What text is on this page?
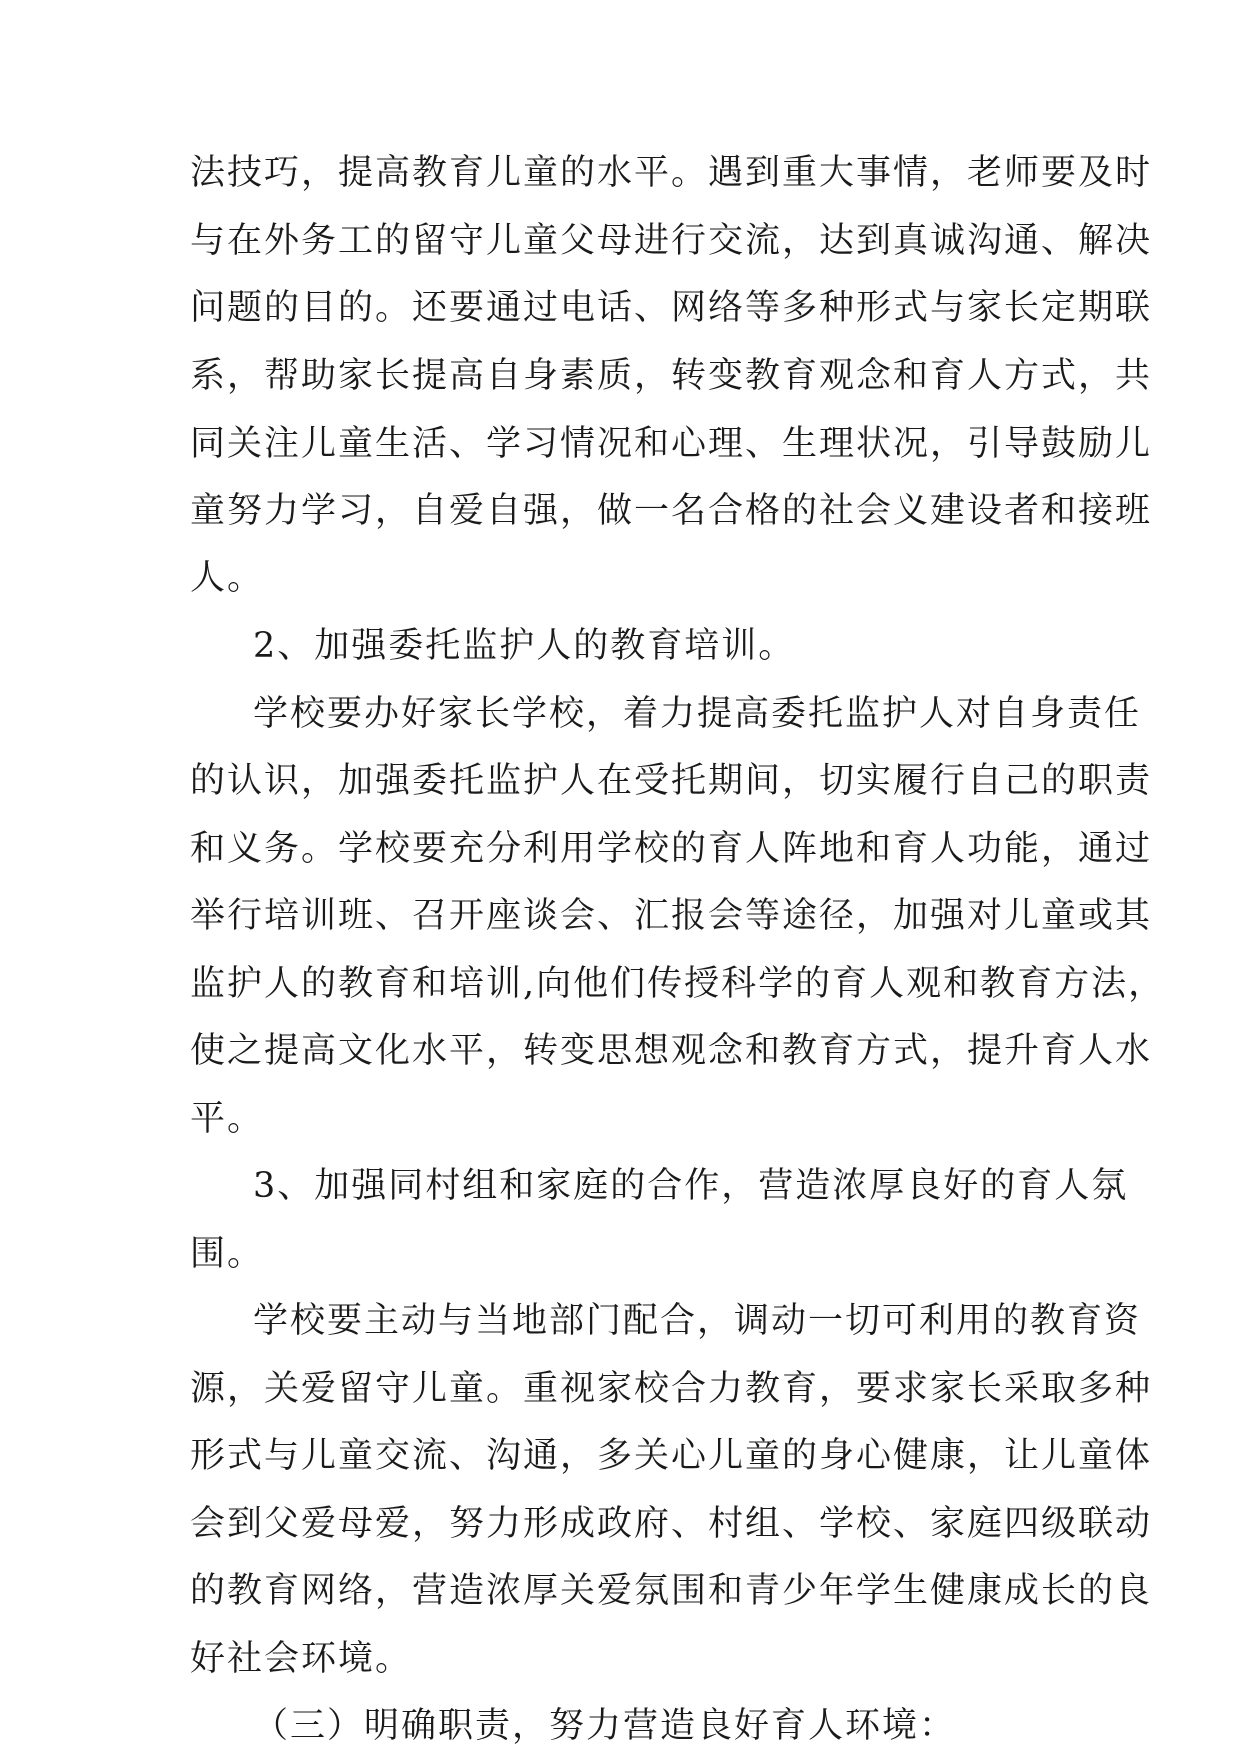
法技巧，提高教育儿童的水平。遇到重大事情，老师要及时
与在外务工的留守儿童父母进行交流，达到真诚沟通、解决
问题的目的。还要通过电话、网络等多种形式与家长定期联
系，帮助家长提高自身素质，转变教育观念和育人方式，共
同关注儿童生活、学习情况和心理、生理状况，引导鼓励儿
童努力学习，自爱自强，做一名合格的社会义建设者和接班
人。
2、加强委托监护人的教育培训。
学校要办好家长学校，着力提高委托监护人对自身责任
的认识，加强委托监护人在受托期间，切实履行自己的职责
和义务。学校要充分利用学校的育人阵地和育人功能，通过
举行培训班、召开座谈会、汇报会等途径，加强对儿童或其
监护人的教育和培训,向他们传授科学的育人观和教育方法，
使之提高文化水平，转变思想观念和教育方式，提升育人水
平。
3、加强同村组和家庭的合作，营造浓厚良好的育人氛
围。
学校要主动与当地部门配合，调动一切可利用的教育资
源，关爱留守儿童。重视家校合力教育，要求家长采取多种
形式与儿童交流、沟通，多关心儿童的身心健康，让儿童体
会到父爱母爱，努力形成政府、村组、学校、家庭四级联动
的教育网络，营造浓厚关爱氛围和青少年学生健康成长的良
好社会环境。
（三）明确职责，努力营造良好育人环境：
